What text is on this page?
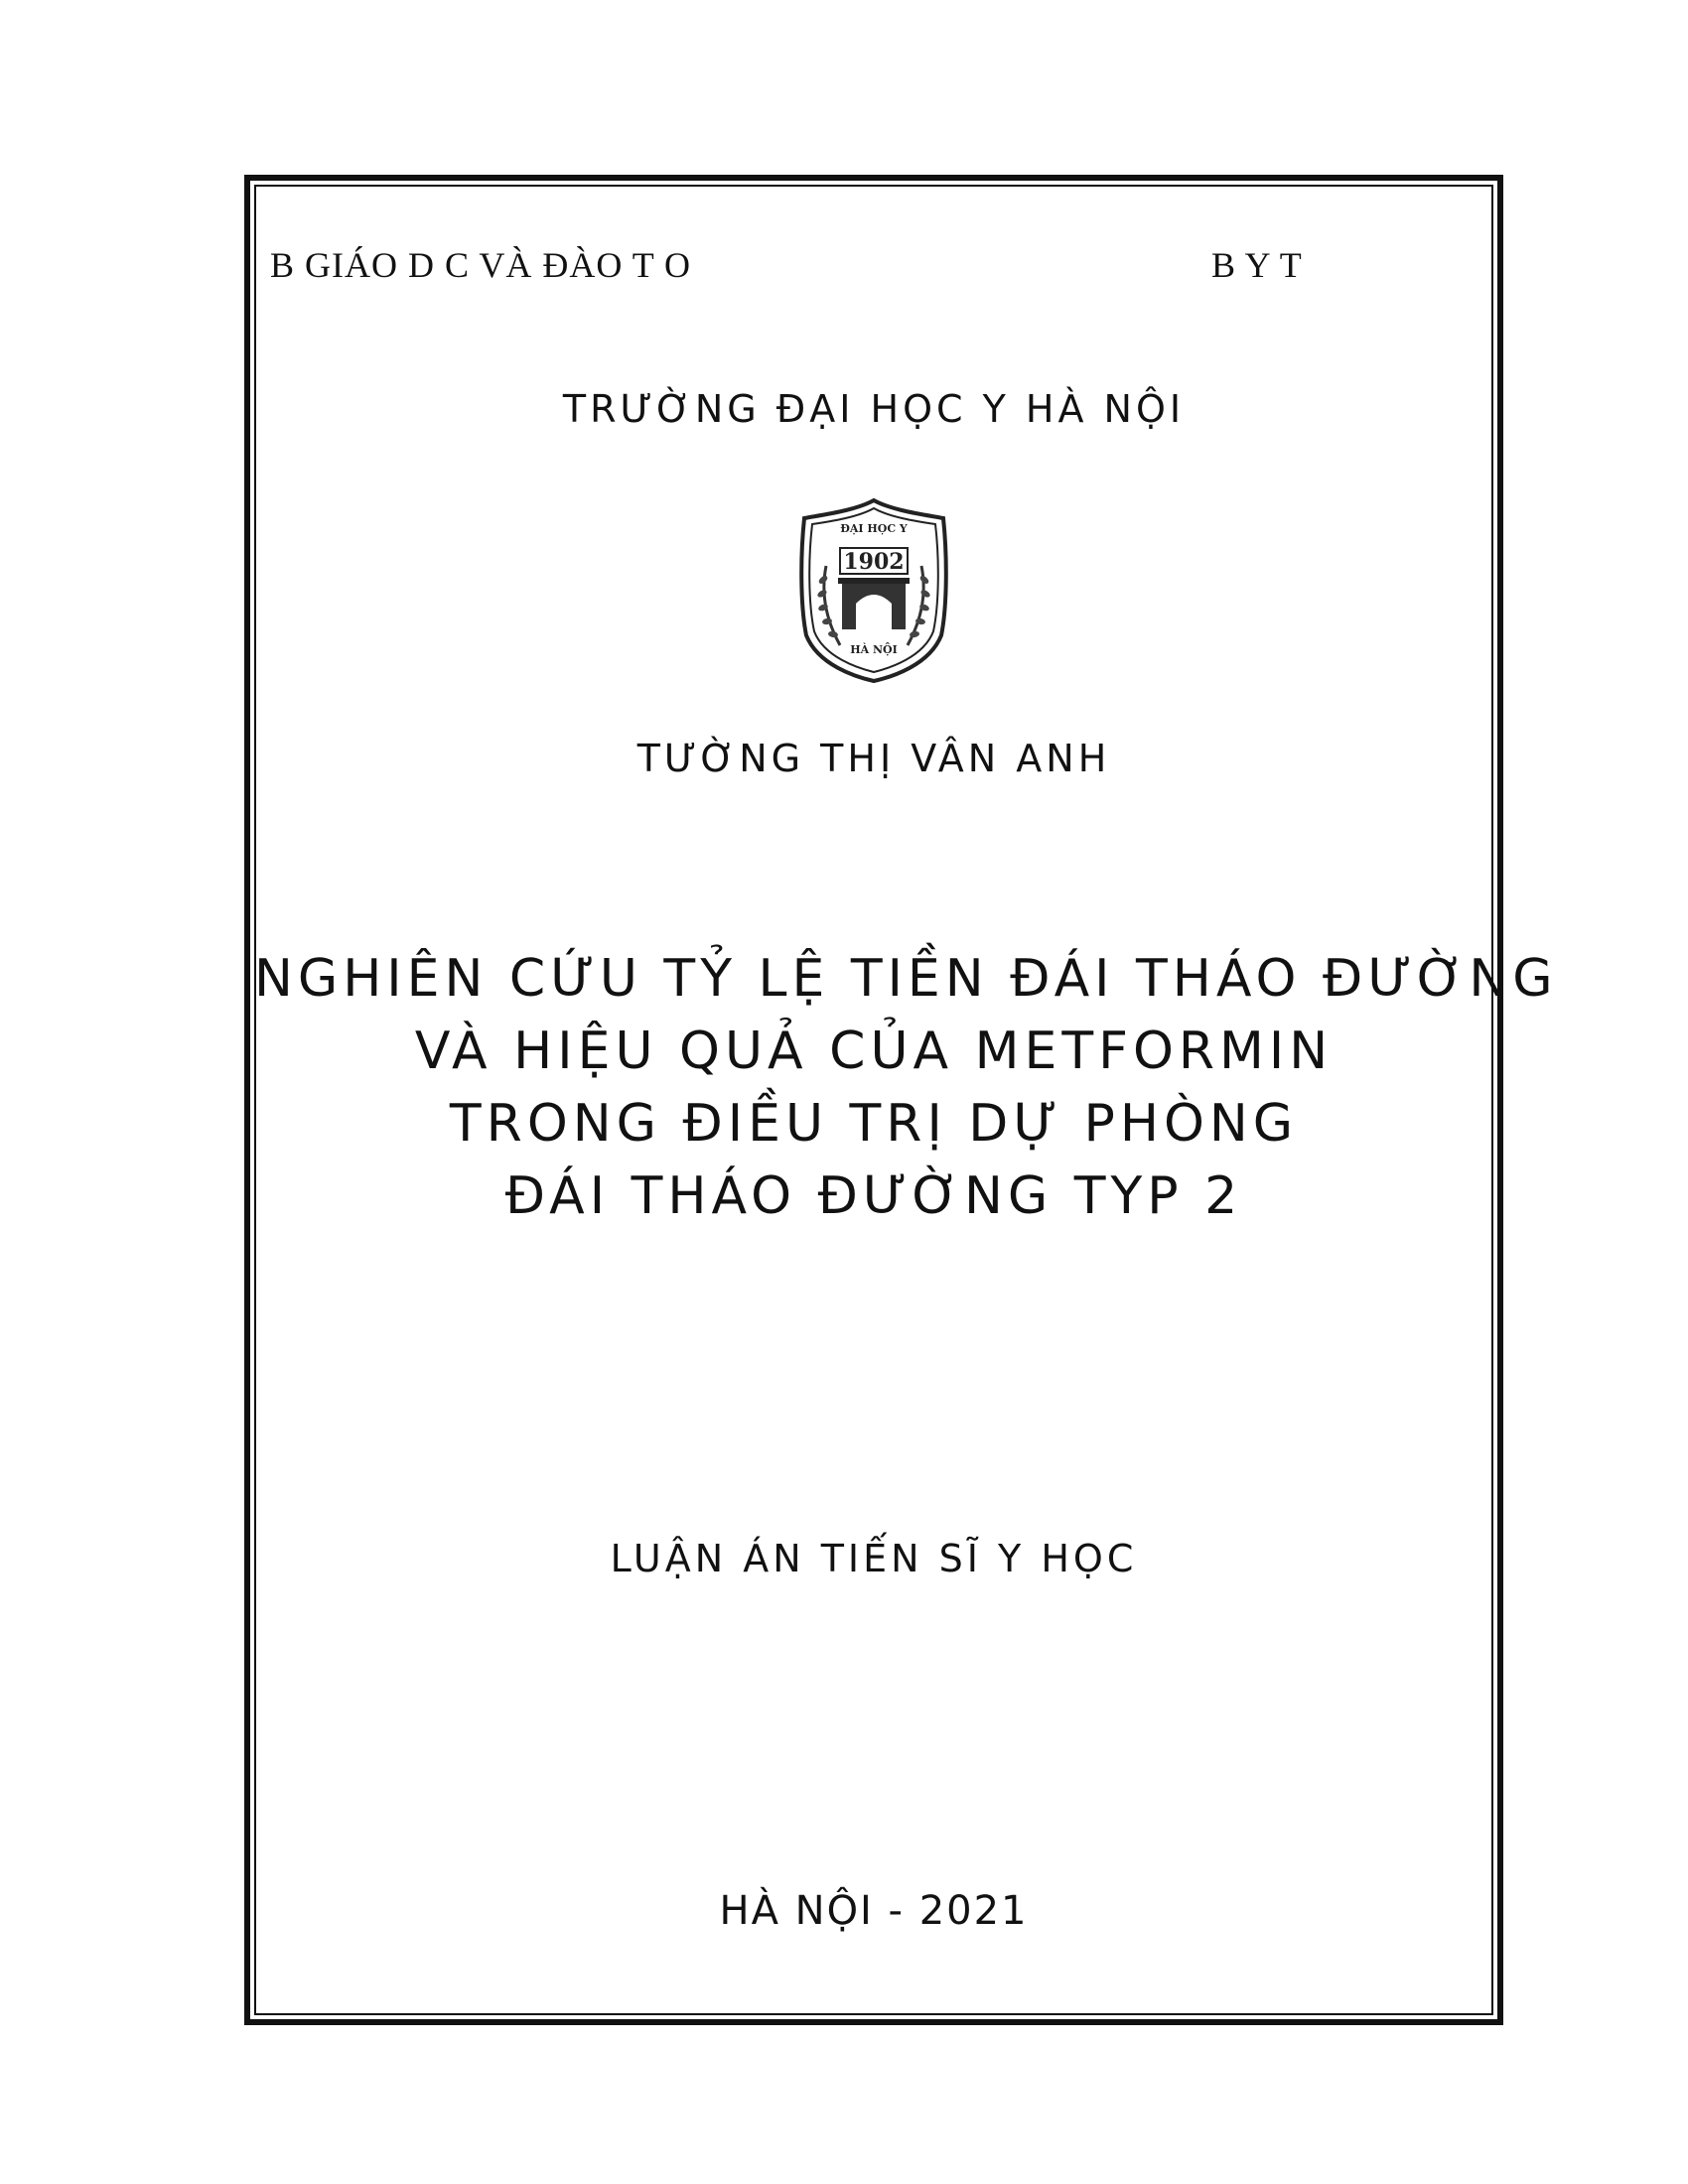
B GIÁO D C VÀ ĐÀO T O	B Y T
TRƯỜNG ĐẠI HỌC Y HÀ NỘI
ĐẠI HỌC Y
1902
HÀ NỘI
TƯỜNG THỊ VÂN ANH
NGHIÊN CỨU TỶ LỆ TIỀN ĐÁI THÁO ĐƯỜNG
VÀ HIỆU QUẢ CỦA METFORMIN
TRONG ĐIỀU TRỊ DỰ PHÒNG
ĐÁI THÁO ĐƯỜNG TYP 2
LUẬN ÁN TIẾN SĨ Y HỌC
HÀ NỘI - 2021
